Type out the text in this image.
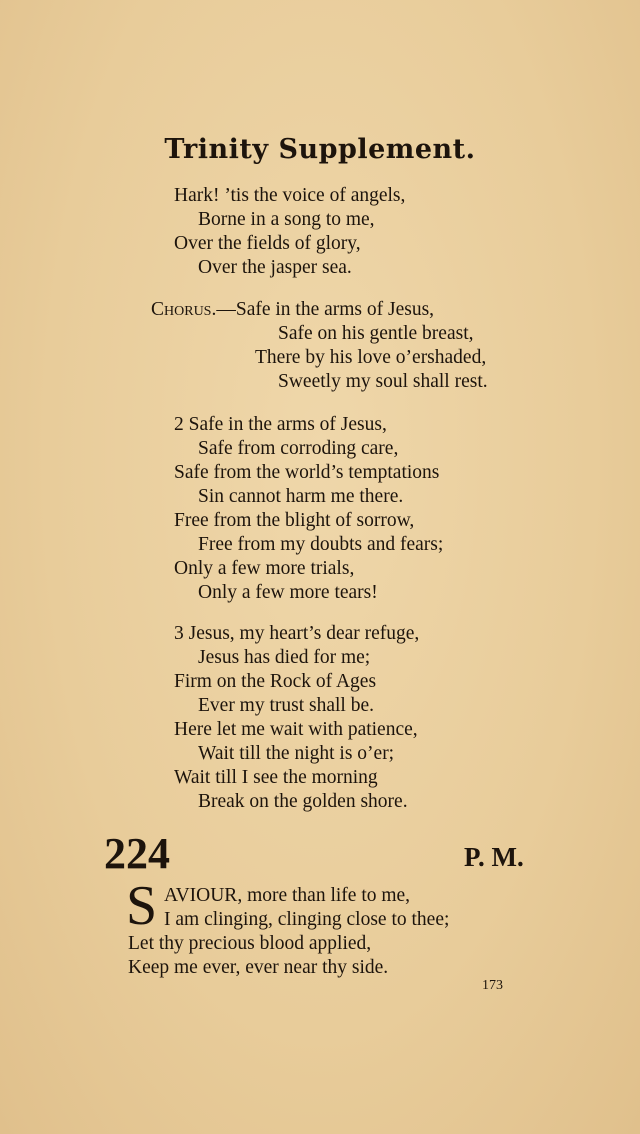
Trinity Supplement.
Hark! ’tis the voice of angels,
Borne in a song to me,
Over the fields of glory,
Over the jasper sea.
Chorus.—Safe in the arms of Jesus,
Safe on his gentle breast,
There by his love o’ershaded,
Sweetly my soul shall rest.
2 Safe in the arms of Jesus,
Safe from corroding care,
Safe from the world’s temptations
Sin cannot harm me there.
Free from the blight of sorrow,
Free from my doubts and fears;
Only a few more trials,
Only a few more tears!
3 Jesus, my heart’s dear refuge,
Jesus has died for me;
Firm on the Rock of Ages
Ever my trust shall be.
Here let me wait with patience,
Wait till the night is o’er;
Wait till I see the morning
Break on the golden shore.
224	P. M.
S AVIOUR, more than life to me,
I am clinging, clinging close to thee;
Let thy precious blood applied,
Keep me ever, ever near thy side.
173
